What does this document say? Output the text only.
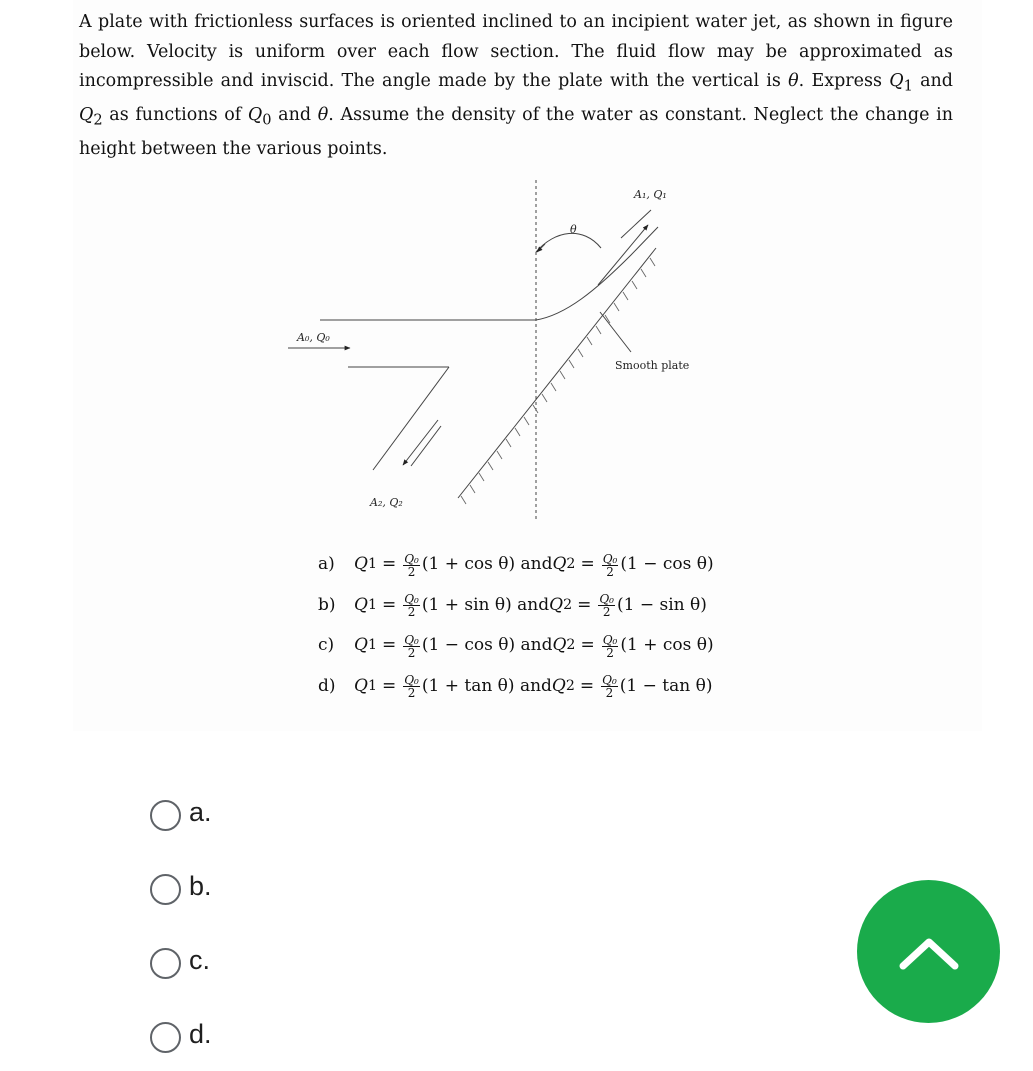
A plate with frictionless surfaces is oriented inclined to an incipient water jet, as shown in figure below. Velocity is uniform over each flow section. The fluid flow may be approximated as incompressible and inviscid. The angle made by the plate with the vertical is θ. Express $Q_1$ and $Q_2$ as functions of $Q_0$ and θ. Assume the density of the water as constant. Neglect the change in height between the various points.

A₁, Q₁
θ
A₀, Q₀
Smooth plate
A₂, Q₂
a)	Q $1 = \frac{\text{Q₀}}{2} (1 + \cos \theta)$ and Q $2 = \frac{\text{Q₀}}{2} (1 - \cos \theta)$
b)	Q $1 = \frac{\text{Q₀}}{2} (1 + \sin \theta)$ and Q $2 = \frac{\text{Q₀}}{2} (1 - \sin \theta)$
c)	Q $1 = \frac{\text{Q₀}}{2} (1 - \cos \theta)$ and Q $2 = \frac{\text{Q₀}}{2} (1 + \cos \theta)$
d)	Q $1 = \frac{\text{Q₀}}{2} (1 + \tan \theta)$ and Q $2 = \frac{\text{Q₀}}{2} (1 - \tan \theta)$
a.
b.
c.
d.
